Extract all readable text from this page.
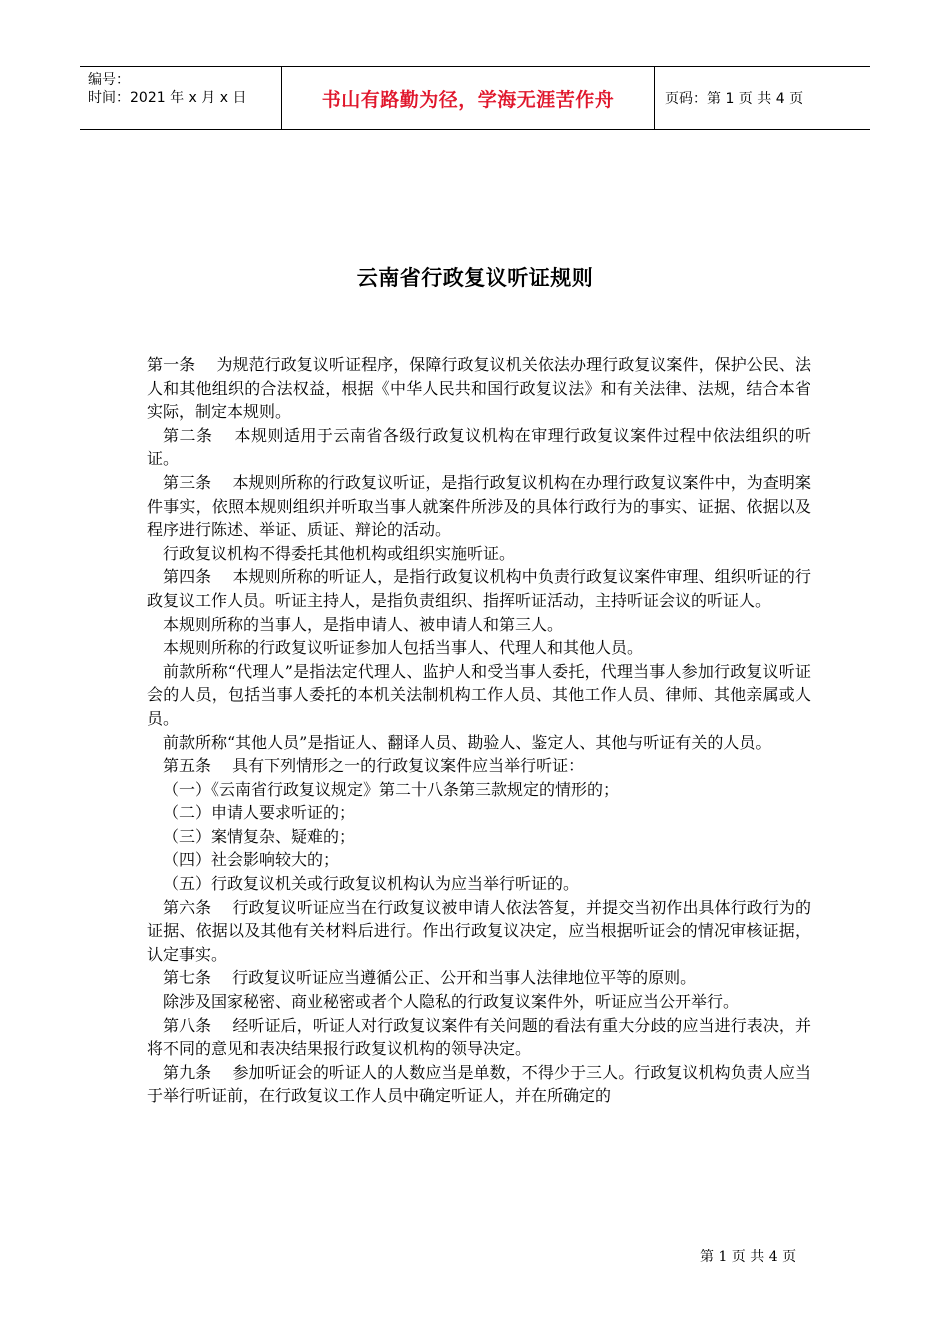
编号：
时间：2021 年 x 月 x 日	书山有路勤为径，学海无涯苦作舟	页码：第 1 页 共 4 页
云南省行政复议听证规则

第一条　 为规范行政复议听证程序，保障行政复议机关依法办理行政复议案件，保护公民、法人和其他组织的合法权益，根据《中华人民共和国行政复议法》和有关法律、法规，结合本省实际，制定本规则。

第二条　 本规则适用于云南省各级行政复议机构在审理行政复议案件过程中依法组织的听证。

第三条　 本规则所称的行政复议听证，是指行政复议机构在办理行政复议案件中，为查明案件事实，依照本规则组织并听取当事人就案件所涉及的具体行政行为的事实、证据、依据以及程序进行陈述、举证、质证、辩论的活动。

行政复议机构不得委托其他机构或组织实施听证。

第四条　 本规则所称的听证人，是指行政复议机构中负责行政复议案件审理、组织听证的行政复议工作人员。听证主持人，是指负责组织、指挥听证活动，主持听证会议的听证人。

本规则所称的当事人，是指申请人、被申请人和第三人。

本规则所称的行政复议听证参加人包括当事人、代理人和其他人员。

前款所称“代理人”是指法定代理人、监护人和受当事人委托，代理当事人参加行政复议听证会的人员，包括当事人委托的本机关法制机构工作人员、其他工作人员、律师、其他亲属或人员。

前款所称“其他人员”是指证人、翻译人员、勘验人、鉴定人、其他与听证有关的人员。

第五条　 具有下列情形之一的行政复议案件应当举行听证：

（一）《云南省行政复议规定》第二十八条第三款规定的情形的；

（二）申请人要求听证的；

（三）案情复杂、疑难的；

（四）社会影响较大的；

（五）行政复议机关或行政复议机构认为应当举行听证的。

第六条　 行政复议听证应当在行政复议被申请人依法答复，并提交当初作出具体行政行为的证据、依据以及其他有关材料后进行。作出行政复议决定，应当根据听证会的情况审核证据，认定事实。

第七条　 行政复议听证应当遵循公正、公开和当事人法律地位平等的原则。

除涉及国家秘密、商业秘密或者个人隐私的行政复议案件外，听证应当公开举行。

第八条　 经听证后，听证人对行政复议案件有关问题的看法有重大分歧的应当进行表决，并将不同的意见和表决结果报行政复议机构的领导决定。

第九条　 参加听证会的听证人的人数应当是单数，不得少于三人。行政复议机构负责人应当于举行听证前，在行政复议工作人员中确定听证人，并在所确定的

第 1 页 共 4 页
